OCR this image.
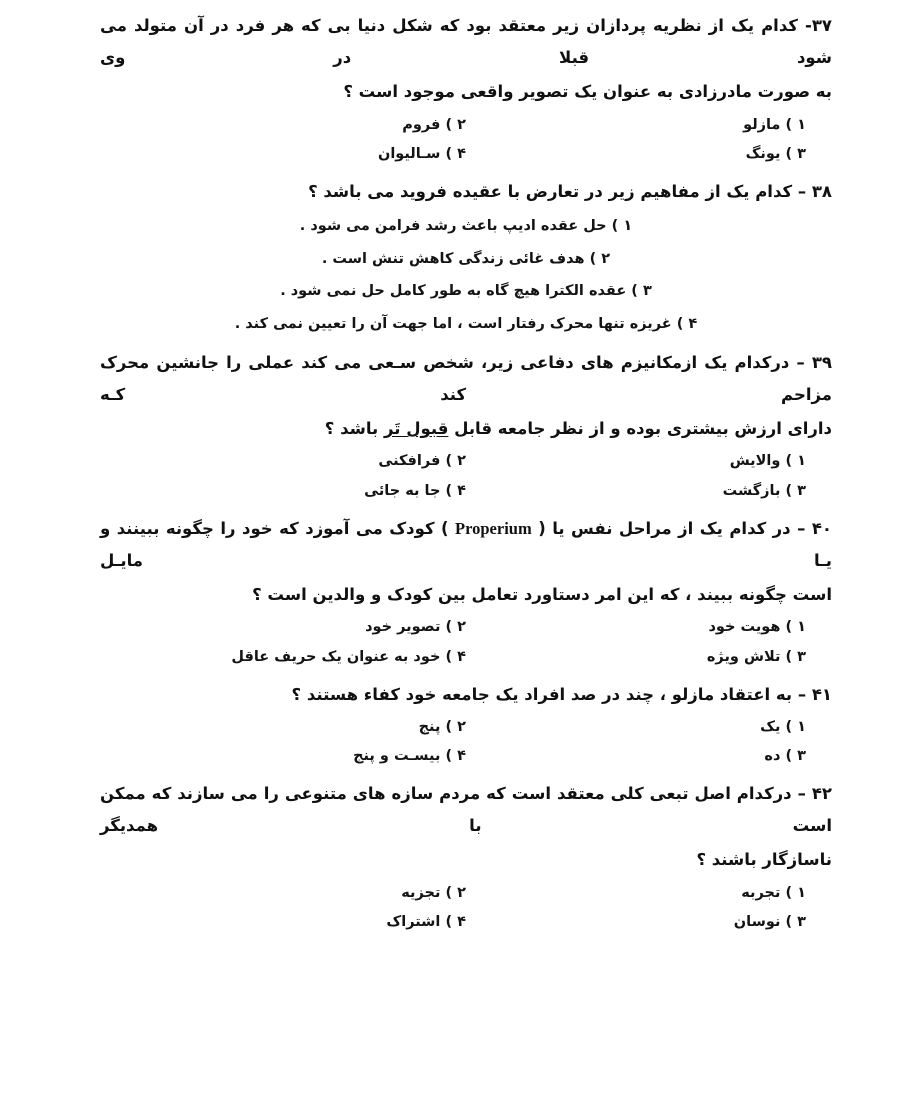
۳۷- کدام یک از نظریه پردازان زیر معتقد بود که شکل دنیا بی که هر فرد در آن متولد می شود قبلا در وی
به صورت مادرزادی به عنوان یک تصویر واقعی موجود است ؟
۱ ) مازلو
۲ ) فروم
۳ ) یونگ
۴ ) سـالیوان
۳۸ – کدام یک از مفاهیم زیر در تعارض با عقیده فروید می باشد ؟
۱ ) حل عقده ادیپ باعث رشد فرامن می شود .
۲ ) هدف غائی زندگی کاهش تنش است .
۳ ) عقده الکترا هیچ گاه به طور کامل حل نمی شود .
۴ ) غریزه تنها محرک رفتار است ، اما جهت آن را تعیین نمی کند .
۳۹ – درکدام یک ازمکانیزم های دفاعی زیر، شخص سـعی می کند عملی را جانشین محرک مزاحم کند کـه
دارای ارزش بیشتری بوده و از نظر جامعه قابل قبول تَر باشد ؟
۱ ) والایش
۲ ) فرافکنی
۳ ) بازگشت
۴ ) جا به جائی
۴۰ – در کدام یک از مراحل نفس یا ( Properium ) کودک می آموزد که خود را چگونه ببینند و یـا مایـل
است چگونه ببیند ، که این امر دستاورد تعامل بین کودک و والدین است ؟
۱ ) هویت خود
۲ ) تصویر خود
۳ ) تلاش ویژه
۴ ) خود به عنوان یک حریف عاقل
۴۱ – به اعتقاد مازلو ، چند در صد افراد یک جامعه خود کفاء هستند ؟
۱ ) یک
۲ ) پنج
۳ ) ده
۴ ) بیسـت و پنج
۴۲ – درکدام اصل تبعی کلی معتقد است که مردم سازه های متنوعی را می سازند که ممکن است با همدیگر
ناسازگار باشند ؟
۱ ) تجربه
۲ ) تجزیه
۳ ) نوسان
۴ ) اشتراک
